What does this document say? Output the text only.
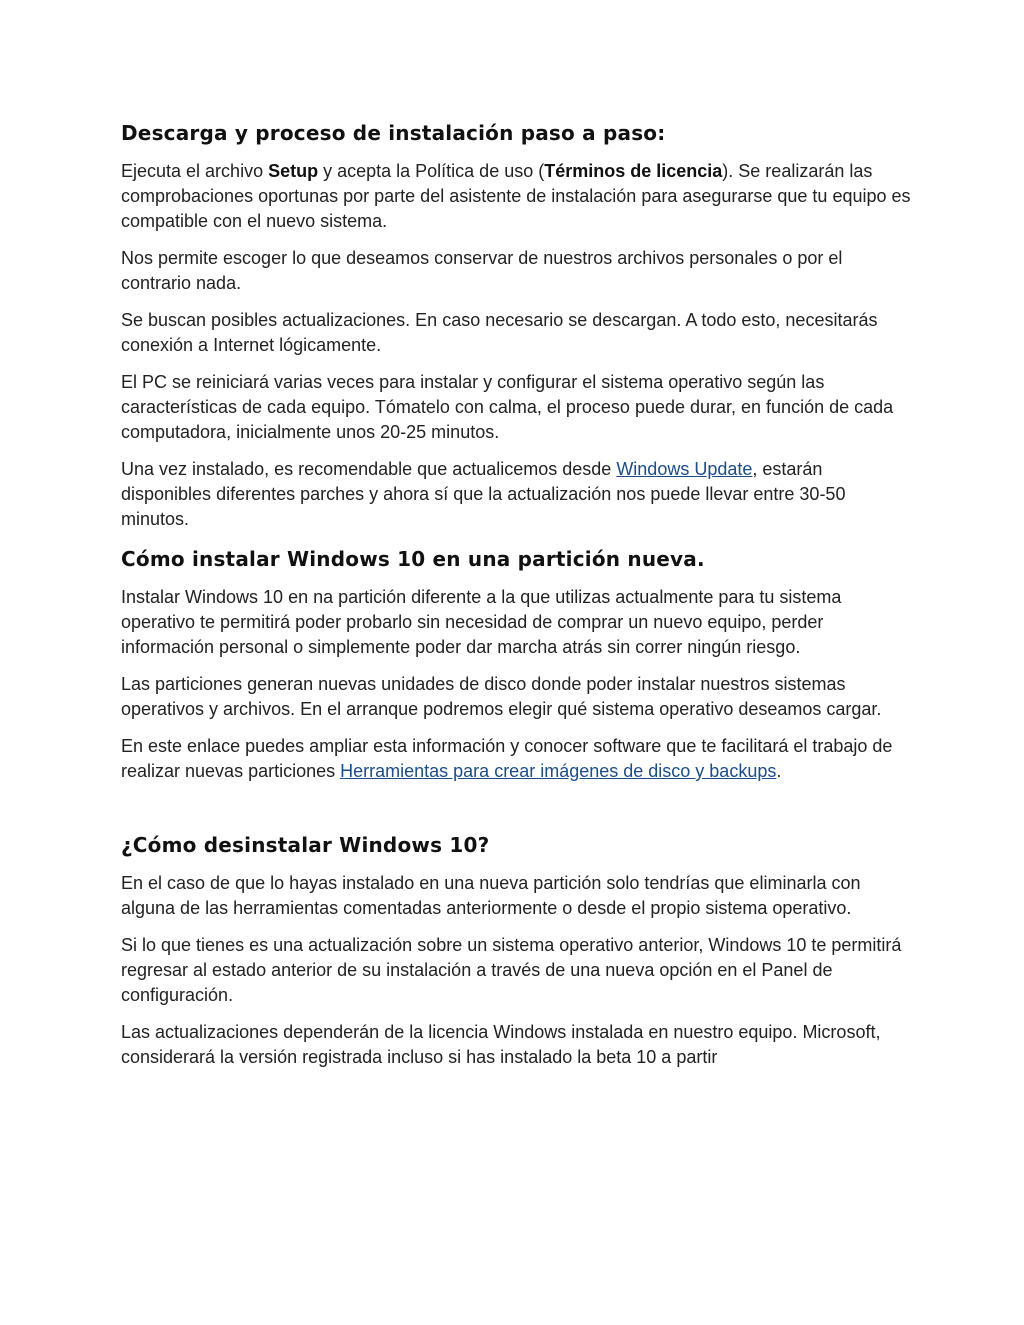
Descarga y proceso de instalación paso a paso:

Ejecuta el archivo Setup y acepta la Política de uso (Términos de licencia). Se realizarán las comprobaciones oportunas por parte del asistente de instalación para asegurarse que tu equipo es compatible con el nuevo sistema.

Nos permite escoger lo que deseamos conservar de nuestros archivos personales o por el contrario nada.

Se buscan posibles actualizaciones. En caso necesario se descargan. A todo esto, necesitarás conexión a Internet lógicamente.

El PC se reiniciará varias veces para instalar y configurar el sistema operativo según las características de cada equipo. Tómatelo con calma, el proceso puede durar, en función de cada computadora, inicialmente unos 20-25 minutos.

Una vez instalado, es recomendable que actualicemos desde Windows Update, estarán disponibles diferentes parches y ahora sí que la actualización nos puede llevar entre 30-50 minutos.

Cómo instalar Windows 10 en una partición nueva.

Instalar Windows 10 en na partición diferente a la que utilizas actualmente para tu sistema operativo te permitirá poder probarlo sin necesidad de comprar un nuevo equipo, perder información personal o simplemente poder dar marcha atrás sin correr ningún riesgo.

Las particiones generan nuevas unidades de disco donde poder instalar nuestros sistemas operativos y archivos. En el arranque podremos elegir qué sistema operativo deseamos cargar.

En este enlace puedes ampliar esta información y conocer software que te facilitará el trabajo de realizar nuevas particiones Herramientas para crear imágenes de disco y backups.

¿Cómo desinstalar Windows 10?

En el caso de que lo hayas instalado en una nueva partición solo tendrías que eliminarla con alguna de las herramientas comentadas anteriormente o desde el propio sistema operativo.

Si lo que tienes es una actualización sobre un sistema operativo anterior, Windows 10 te permitirá regresar al estado anterior de su instalación a través de una nueva opción en el Panel de configuración.

Las actualizaciones dependerán de la licencia Windows instalada en nuestro equipo. Microsoft, considerará la versión registrada incluso si has instalado la beta 10 a partir
